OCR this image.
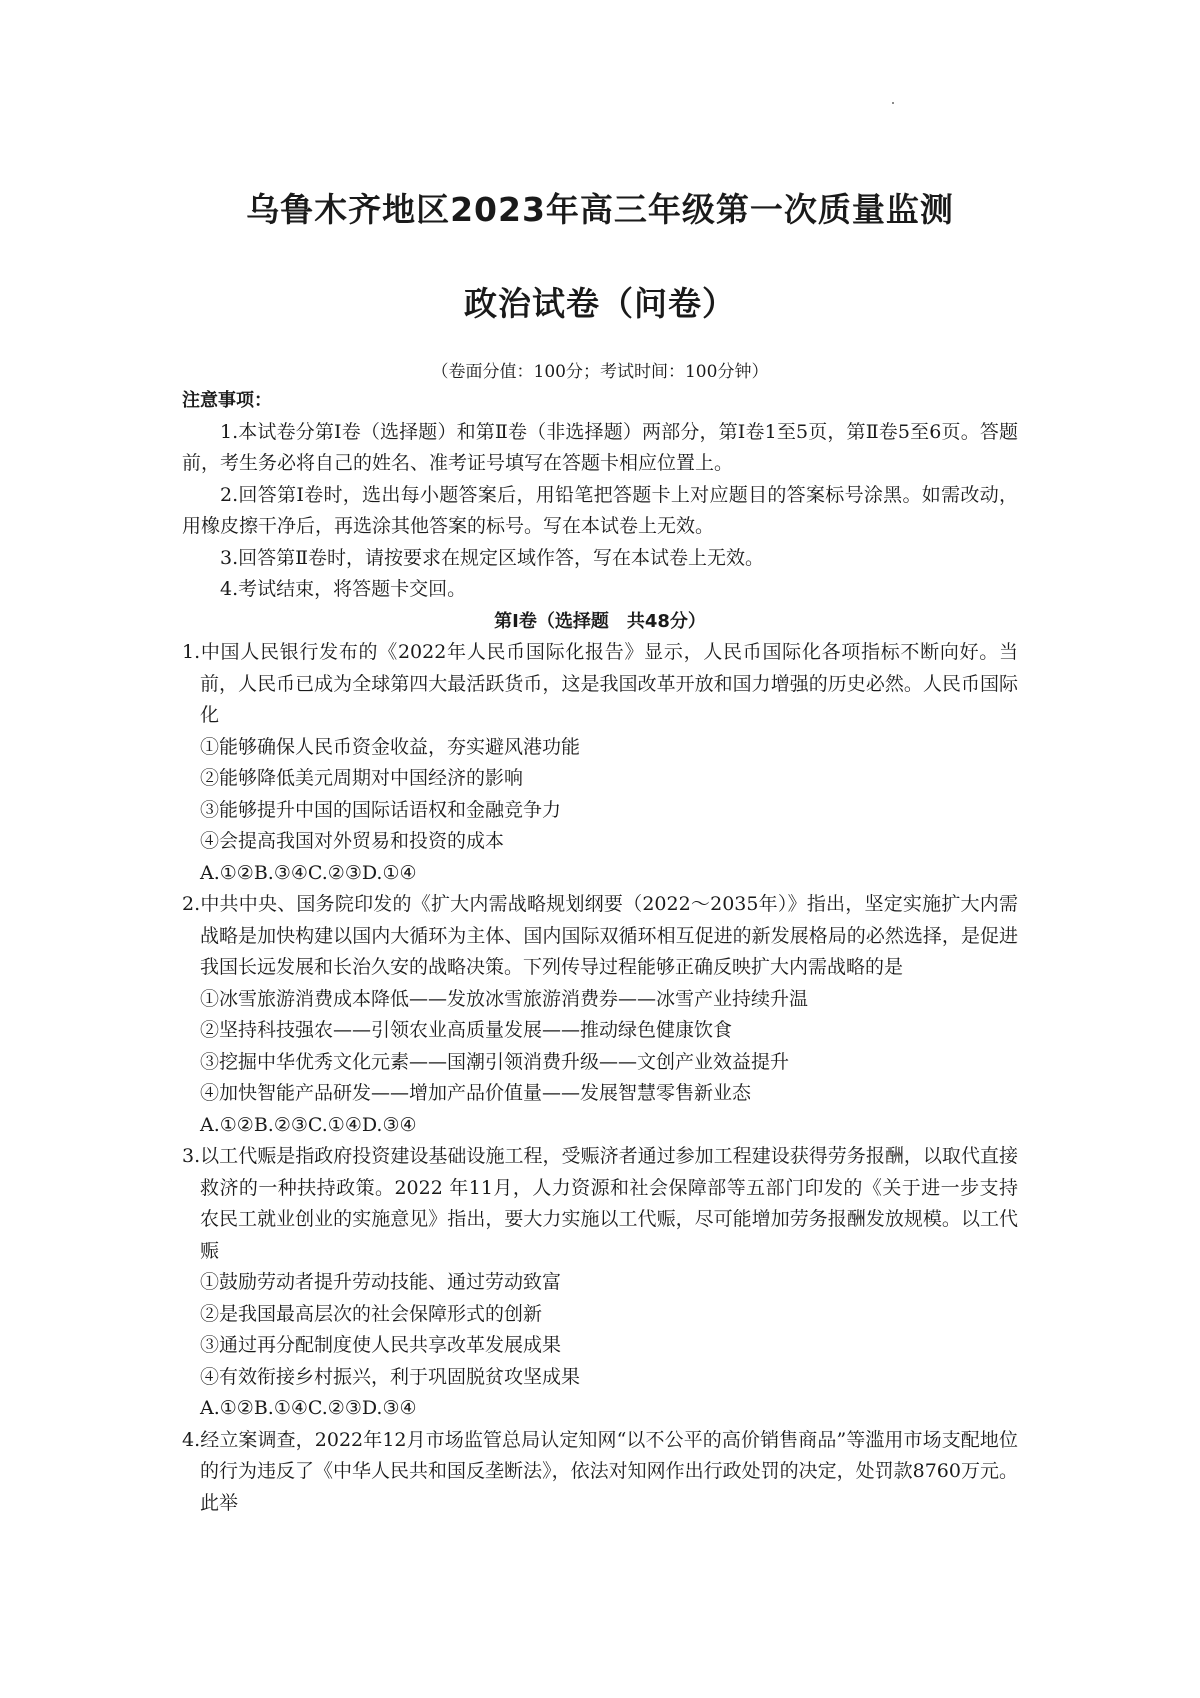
乌鲁木齐地区2023年高三年级第一次质量监测
政治试卷（问卷）
（卷面分值：100分；考试时间：100分钟）

注意事项：

1.本试卷分第Ⅰ卷（选择题）和第Ⅱ卷（非选择题）两部分，第Ⅰ卷1至5页，第Ⅱ卷5至6页。答题前，考生务必将自己的姓名、准考证号填写在答题卡相应位置上。

2.回答第Ⅰ卷时，选出每小题答案后，用铅笔把答题卡上对应题目的答案标号涂黑。如需改动，用橡皮擦干净后，再选涂其他答案的标号。写在本试卷上无效。

3.回答第Ⅱ卷时，请按要求在规定区域作答，写在本试卷上无效。

4.考试结束，将答题卡交回。

第Ⅰ卷（选择题　共48分）

1.中国人民银行发布的《2022年人民币国际化报告》显示，人民币国际化各项指标不断向好。当前，人民币已成为全球第四大最活跃货币，这是我国改革开放和国力增强的历史必然。人民币国际化

①能够确保人民币资金收益，夯实避风港功能

②能够降低美元周期对中国经济的影响

③能够提升中国的国际话语权和金融竞争力

④会提高我国对外贸易和投资的成本

A.①②B.③④C.②③D.①④

2.中共中央、国务院印发的《扩大内需战略规划纲要（2022～2035年）》指出，坚定实施扩大内需战略是加快构建以国内大循环为主体、国内国际双循环相互促进的新发展格局的必然选择，是促进我国长远发展和长治久安的战略决策。下列传导过程能够正确反映扩大内需战略的是

①冰雪旅游消费成本降低——发放冰雪旅游消费券——冰雪产业持续升温

②坚持科技强农——引领农业高质量发展——推动绿色健康饮食

③挖掘中华优秀文化元素——国潮引领消费升级——文创产业效益提升

④加快智能产品研发——增加产品价值量——发展智慧零售新业态

A.①②B.②③C.①④D.③④

3.以工代赈是指政府投资建设基础设施工程，受赈济者通过参加工程建设获得劳务报酬，以取代直接救济的一种扶持政策。2022 年11月，人力资源和社会保障部等五部门印发的《关于进一步支持农民工就业创业的实施意见》指出，要大力实施以工代赈，尽可能增加劳务报酬发放规模。以工代赈

①鼓励劳动者提升劳动技能、通过劳动致富

②是我国最高层次的社会保障形式的创新

③通过再分配制度使人民共享改革发展成果

④有效衔接乡村振兴，利于巩固脱贫攻坚成果

A.①②B.①④C.②③D.③④

4.经立案调查，2022年12月市场监管总局认定知网“以不公平的高价销售商品”等滥用市场支配地位的行为违反了《中华人民共和国反垄断法》，依法对知网作出行政处罚的决定，处罚款8760万元。此举
